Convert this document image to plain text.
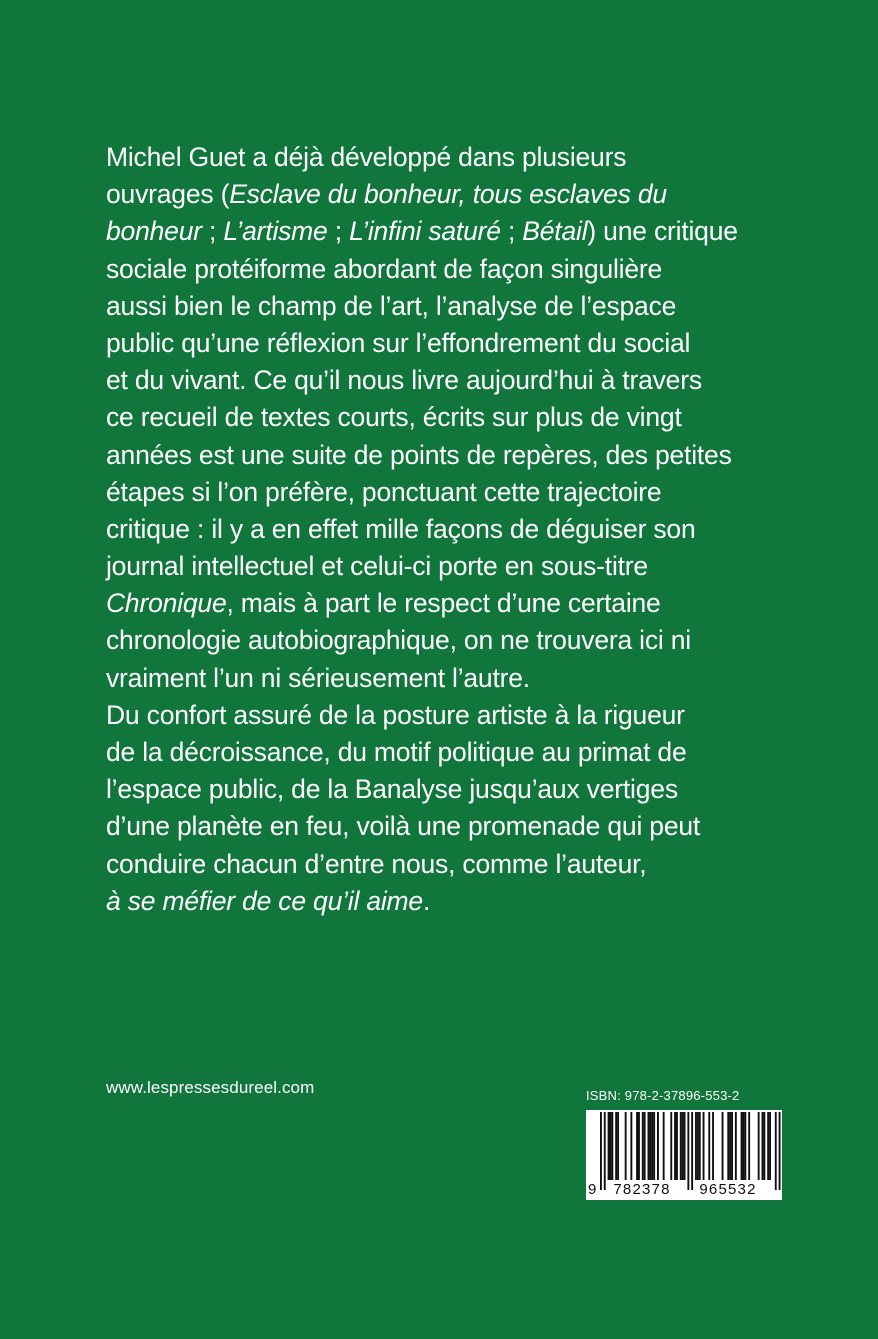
Michel Guet a déjà développé dans plusieurs
ouvrages (Esclave du bonheur, tous esclaves du
bonheur ; L’artisme ; L’infini saturé ; Bétail) une critique
sociale protéiforme abordant de façon singulière
aussi bien le champ de l’art, l’analyse de l’espace
public qu’une réflexion sur l’effondrement du social
et du vivant. Ce qu’il nous livre aujourd’hui à travers
ce recueil de textes courts, écrits sur plus de vingt
années est une suite de points de repères, des petites
étapes si l’on préfère, ponctuant cette trajectoire
critique : il y a en effet mille façons de déguiser son
journal intellectuel et celui-ci porte en sous-titre
Chronique, mais à part le respect d’une certaine
chronologie autobiographique, on ne trouvera ici ni
vraiment l’un ni sérieusement l’autre.
Du confort assuré de la posture artiste à la rigueur
de la décroissance, du motif politique au primat de
l’espace public, de la Banalyse jusqu’aux vertiges
d’une planète en feu, voilà une promenade qui peut
conduire chacun d’entre nous, comme l’auteur,
à se méfier de ce qu’il aime.
www.lespressesdureel.com	ISBN: 978-2-37896-553-2
9 782378 965532
